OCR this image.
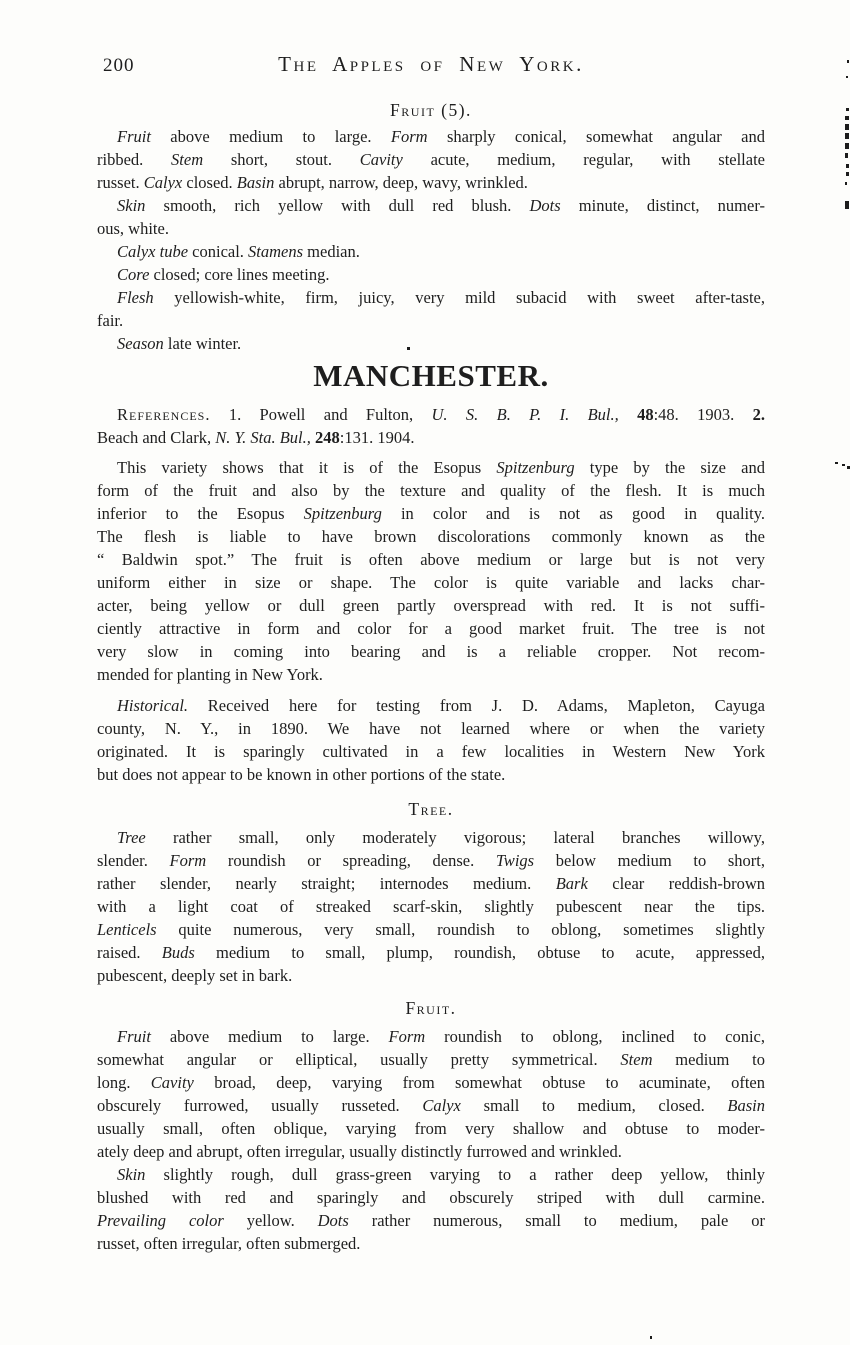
200	The Apples of New York.
Fruit (5).
Fruit above medium to large. Form sharply conical, somewhat angular and
ribbed. Stem short, stout. Cavity acute, medium, regular, with stellate
russet. Calyx closed. Basin abrupt, narrow, deep, wavy, wrinkled.
Skin smooth, rich yellow with dull red blush. Dots minute, distinct, numer-
ous, white.
Calyx tube conical. Stamens median.
Core closed; core lines meeting.
Flesh yellowish-white, firm, juicy, very mild subacid with sweet after-taste,
fair.
Season late winter.
MANCHESTER.
References. 1. Powell and Fulton, U. S. B. P. I. Bul., 48:48. 1903. 2.
Beach and Clark, N. Y. Sta. Bul., 248:131. 1904.
This variety shows that it is of the Esopus Spitzenburg type by the size and
form of the fruit and also by the texture and quality of the flesh. It is much
inferior to the Esopus Spitzenburg in color and is not as good in quality.
The flesh is liable to have brown discolorations commonly known as the
“ Baldwin spot.” The fruit is often above medium or large but is not very
uniform either in size or shape. The color is quite variable and lacks char-
acter, being yellow or dull green partly overspread with red. It is not suffi-
ciently attractive in form and color for a good market fruit. The tree is not
very slow in coming into bearing and is a reliable cropper. Not recom-
mended for planting in New York.
Historical. Received here for testing from J. D. Adams, Mapleton, Cayuga
county, N. Y., in 1890. We have not learned where or when the variety
originated. It is sparingly cultivated in a few localities in Western New York
but does not appear to be known in other portions of the state.
Tree.
Tree rather small, only moderately vigorous; lateral branches willowy,
slender. Form roundish or spreading, dense. Twigs below medium to short,
rather slender, nearly straight; internodes medium. Bark clear reddish-brown
with a light coat of streaked scarf-skin, slightly pubescent near the tips.
Lenticels quite numerous, very small, roundish to oblong, sometimes slightly
raised. Buds medium to small, plump, roundish, obtuse to acute, appressed,
pubescent, deeply set in bark.
Fruit.
Fruit above medium to large. Form roundish to oblong, inclined to conic,
somewhat angular or elliptical, usually pretty symmetrical. Stem medium to
long. Cavity broad, deep, varying from somewhat obtuse to acuminate, often
obscurely furrowed, usually russeted. Calyx small to medium, closed. Basin
usually small, often oblique, varying from very shallow and obtuse to moder-
ately deep and abrupt, often irregular, usually distinctly furrowed and wrinkled.
Skin slightly rough, dull grass-green varying to a rather deep yellow, thinly
blushed with red and sparingly and obscurely striped with dull carmine.
Prevailing color yellow. Dots rather numerous, small to medium, pale or
russet, often irregular, often submerged.
